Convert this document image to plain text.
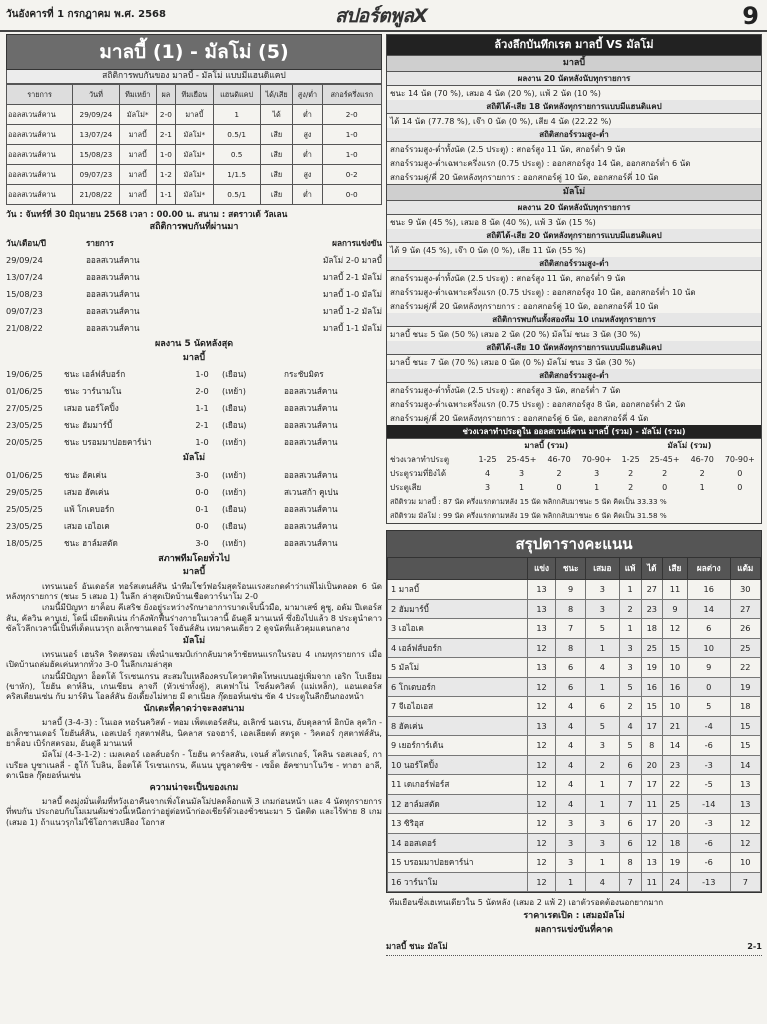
วันอังคารที่ 1 กรกฎาคม พ.ศ. 2568	สปอร์ตพูลX	9
มาลบี้ (1) - มัลโม่ (5)
สถิติการพบกันของ มาลบี้ - มัลโม่ แบบมีแฮนดิแคป
รายการ	วันที่	ทีมเหย้า	ผล	ทีมเยือน	แฮนดิแคป	ได้/เสีย	สูง/ต่ำ	สกอร์ครึ่งแรก
ออลสเวนส์คาน	29/09/24	มัลโม่*	2-0	มาลบี้	1	ได้	ต่ำ	2-0
ออลสเวนส์คาน	13/07/24	มาลบี้	2-1	มัลโม่*	0.5/1	เสีย	สูง	1-0
ออลสเวนส์คาน	15/08/23	มาลบี้	1-0	มัลโม่*	0.5	เสีย	ต่ำ	1-0
ออลสเวนส์คาน	09/07/23	มาลบี้	1-2	มัลโม่*	1/1.5	เสีย	สูง	0-2
ออลสเวนส์คาน	21/08/22	มาลบี้	1-1	มัลโม่*	0.5/1	เสีย	ต่ำ	0-0
วัน : จันทร์ที่ 30 มิถุนายน 2568 เวลา : 00.00 น. สนาม : สตราวเด้ วัลเลน
สถิติการพบกันที่ผ่านมา
วัน/เดือน/ปี	รายการ	ผลการแข่งขัน
29/09/24	ออลสเวนส์คาน	มัลโม่ 2-0 มาลบี้
13/07/24	ออลสเวนส์คาน	มาลบี้ 2-1 มัลโม่
15/08/23	ออลสเวนส์คาน	มาลบี้ 1-0 มัลโม่
09/07/23	ออลสเวนส์คาน	มาลบี้ 1-2 มัลโม่
21/08/22	ออลสเวนส์คาน	มาลบี้ 1-1 มัลโม่
ผลงาน 5 นัดหลังสุด
มาลบี้
19/06/25	ชนะ เอล์ฟส์บอร์ก	1-0	(เยือน)	กระชับมิตร
01/06/25	ชนะ วาร์นามโน	2-0	(เหย้า)	ออลสเวนส์คาน
27/05/25	เสมอ นอร์โคปิ้ง	1-1	(เยือน)	ออลสเวนส์คาน
23/05/25	ชนะ ฮัมมาร์บี้	2-1	(เยือน)	ออลสเวนส์คาน
20/05/25	ชนะ บรอมมาปอยคาร์น่า	1-0	(เหย้า)	ออลสเวนส์คาน
มัลโม่
01/06/25	ชนะ ฮัคเค่น	3-0	(เหย้า)	ออลสเวนส์คาน
29/05/25	เสมอ ฮัคเค่น	0-0	(เหย้า)	สเวนสก้า คูเปน
25/05/25	แพ้ โกเตบอร์ก	0-1	(เยือน)	ออลสเวนส์คาน
23/05/25	เสมอ เอไอเค	0-0	(เยือน)	ออลสเวนส์คาน
18/05/25	ชนะ ฮาล์มสตัด	3-0	(เหย้า)	ออลสเวนส์คาน
สภาพทีมโดยทั่วไป
มาลบี้

เทรนเนอร์ อันเดอร์ส ทอร์สเตนส์สัน นำทีมโชว์ฟอร์มสุดร้อนแรงสะกดคำว่าแพ้ไม่เป็นตลอด 6 นัดหลังทุกรายการ (ชนะ 5 เสมอ 1) ในลีก ล่าสุดเปิดบ้านเชือดวาร์นาโม 2-0

เกมนี้มีปัญหา ยาค็อบ คีเสริช ยังอยู่ระหว่างรักษาอาการบาดเจ็บนิ้วมือ, มามาเสซ์ คูซู, อดัม ปีเตอร์สสัน, คัลวิน คาบูเย่, โดนี่ เมียตติเน่น กำลังพักฟื้นร่างกายในเวลานี้ อันดูลี มานเนห์ ซึ่งยิงไปแล้ว 8 ประตูนำดาวซัลโวลีกเวลานี้เป็นที่เด็ดแนวรุก อเล็กซานเดอร์ โจฮันส์สัน เหมาคนเดียว 2 ดูจนัดที่แล้วคุมแดนกลาง

มัลโม่

เทรนเนอร์ เฮนริค ริดสตรอม เพิ่งนำแชมป์เก่ากลับมาคว้าชัยหนแรกในรอบ 4 เกมทุกรายการ เมื่อเปิดบ้านถล่มฮัคเค่นหากทั่วง 3-0 ในลีกเกมล่าสุด

เกมนี้มีปัญหา อ็อตโต้ โรเซนเกรน สะสมใบเหลืองครบโควตาติดโทษแบนอยู่เพิ่มจาก เอริก โบเธียม (ขาหัก), โยฮัน ดาห์ลิน, เกนเซียน ลาจกี (หัวเข่าทั้งคู่), สเตฟาโน่ โซล์มควิสต์ (แม่เหล็ก), แอนเดอร์ส คริสเตียนเซ่น กับ มาร์ติน โอลส์สัน ยังเดี้ยงไม่หาย มี ดาเนียล กุ๊ดยอห์นเซ่น ซัด 4 ประตูในลีกยืนกองหน้า

นักเตะที่คาดว่าจะลงสนาม

มาลบี้ (3-4-3) : โนเอล ทอร์นควิสต์ - ทอม เพ็ตเตอร์สสัน, อเลิกซ์ นอเรน, อับดุลลาห์ อิกบัล ลุควิก - อเล็กซานเดอร์ โยฮันส์สัน, เอสเปอร์ กุสตาฟสัน, นิคลาส รอจฮาร์, เอลเลียตต์ สตรูด - วิคตอร์ กุสตาฟส์สัน, ยาค็อบ เบิร์กสตรอม, อันดูลี มานเนห์

มัลโม่ (4-3-1-2) : เมลเคอร์ เอลส์บอร์ก - โยฮัน คาร์ลสสัน, เจนส์ สไตรเกอร์, โคลิน รอสเลอร์, กาเบรียล บูซาเนลลี่ - ฮูโก้ โบลิน, อ็อตโต้ โรเซนเกรน, คีแนน บูซูลาดซิช - เซอ็ด ฮัคซาบาโนวิช - ทาฮา อาลี, ดาเนียล กุ๊ดยอห์นเซ่น

ความน่าจะเป็นของเกม

มาลบี้ คงมุ่งมั่นเต็มที่หวังเอาคืนจากเพิ่งโดนมัลโม่ปลดล็อกแพ้ 3 เกมก่อนหน้า และ 4 นัดทุกรายการที่พบกัน ประกอบกับโมเมนตัมช่วงนี้เหนือกว่าอยู่ต่อหน้าก่องเชียร์ตัวเองชั่วชนะมา 5 นัดติด และไร้พ่าย 8 เกม (เสมอ 1) ถ้าแนวรุกไม่ใช้โอกาสเปลือง โอกาส

ล้วงลึกบันทึกเรต มาลบี้ VS มัลโม่
มาลบี้
ผลงาน 20 นัดหลังนับทุกรายการ
ชนะ 14 นัด (70 %), เสมอ 4 นัด (20 %), แพ้ 2 นัด (10 %)
สถิติได้-เสีย 18 นัดหลังทุกรายการแบบมีแฮนดิแคป
ได้ 14 นัด (77.78 %), เจ๊า 0 นัด (0 %), เสีย 4 นัด (22.22 %)
สถิติสกอร์รวมสูง-ต่ำ
สกอร์รวมสูง-ต่ำทั้งนัด (2.5 ประตู) : สกอร์สูง 11 นัด, สกอร์ต่ำ 9 นัด
สกอร์รวมสูง-ต่ำเฉพาะครึ่งแรก (0.75 ประตู) : ออกสกอร์สูง 14 นัด, ออกสกอร์ต่ำ 6 นัด
สกอร์รวมคู่/คี่ 20 นัดหลังทุกรายการ : ออกสกอร์คู่ 10 นัด, ออกสกอร์คี่ 10 นัด
มัลโม่
ผลงาน 20 นัดหลังนับทุกรายการ
ชนะ 9 นัด (45 %), เสมอ 8 นัด (40 %), แพ้ 3 นัด (15 %)
สถิติได้-เสีย 20 นัดหลังทุกรายการแบบมีแฮนดิแคป
ได้ 9 นัด (45 %), เจ๊า 0 นัด (0 %), เสีย 11 นัด (55 %)
สถิติสกอร์รวมสูง-ต่ำ
สกอร์รวมสูง-ต่ำทั้งนัด (2.5 ประตู) : สกอร์สูง 11 นัด, สกอร์ต่ำ 9 นัด
สกอร์รวมสูง-ต่ำเฉพาะครึ่งแรก (0.75 ประตู) : ออกสกอร์สูง 10 นัด, ออกสกอร์ต่ำ 10 นัด
สกอร์รวมคู่/คี่ 20 นัดหลังทุกรายการ : ออกสกอร์คู่ 10 นัด, ออกสกอร์คี่ 10 นัด
สถิติการพบกันทั้งสองทีม 10 เกมหลังทุกรายการ
มาลบี้ ชนะ 5 นัด (50 %) เสมอ 2 นัด (20 %) มัลโม่ ชนะ 3 นัด (30 %)
สถิติได้-เสีย 10 นัดหลังทุกรายการแบบมีแฮนดิแคป
มาลบี้ ชนะ 7 นัด (70 %) เสมอ 0 นัด (0 %) มัลโม่ ชนะ 3 นัด (30 %)
สถิติสกอร์รวมสูง-ต่ำ
สกอร์รวมสูง-ต่ำทั้งนัด (2.5 ประตู) : สกอร์สูง 3 นัด, สกอร์ต่ำ 7 นัด
สกอร์รวมสูง-ต่ำเฉพาะครึ่งแรก (0.75 ประตู) : ออกสกอร์สูง 8 นัด, ออกสกอร์ต่ำ 2 นัด
สกอร์รวมคู่/คี่ 20 นัดหลังทุกรายการ : ออกสกอร์คู่ 6 นัด, ออกสกอร์คี่ 4 นัด
ช่วงเวลาทำประตูใน ออลสเวนส์คาน มาลบี้ (รวม) - มัลโม่ (รวม)
	มาลบี้ (รวม)				มัลโม่ (รวม)			
ช่วงเวลาทำประตู	1-25	25-45+	46-70	70-90+	1-25	25-45+	46-70	70-90+
ประตูรวมที่ยิงได้	4	3	2	3	2	2	2	0
ประตูเสีย	3	1	0	1	2	0	1	0
สถิติรวม มาลบี้ : 87 นัด ครึ่งแรกตามหลัง 15 นัด พลิกกลับมาชนะ 5 นัด คิดเป็น 33.33 %
สถิติรวม มัลโม่ : 99 นัด ครึ่งแรกตามหลัง 19 นัด พลิกกลับมาชนะ 6 นัด คิดเป็น 31.58 %
สรุปตารางคะแนน
	แข่ง	ชนะ	เสมอ	แพ้	ได้	เสีย	ผลต่าง	แต้ม
1 มาลบี้	13	9	3	1	27	11	16	30
2 ฮัมมาร์บี้	13	8	3	2	23	9	14	27
3 เอไอเค	13	7	5	1	18	12	6	26
4 เอล์ฟส์บอร์ก	12	8	1	3	25	15	10	25
5 มัลโม่	13	6	4	3	19	10	9	22
6 โกเตบอร์ก	12	6	1	5	16	16	0	19
7 จีเอไอเอส	12	4	6	2	15	10	5	18
8 ฮัคเค่น	13	4	5	4	17	21	-4	15
9 เยอร์การ์เด้น	12	4	3	5	8	14	-6	15
10 นอร์โคปิ้ง	12	4	2	6	20	23	-3	14
11 เดเกอร์ฟอร์ส	12	4	1	7	17	22	-5	13
12 ฮาล์มสตัด	12	4	1	7	11	25	-14	13
13 ซิริอุส	12	3	3	6	17	20	-3	12
14 ออสเตอร์	12	3	3	6	12	18	-6	12
15 บรอมมาปอยคาร์น่า	12	3	1	8	13	19	-6	10
16 วาร์นาโม	12	1	4	7	11	24	-13	7
ทีมเยือนซึ่งเฮเทนเดียวใน 5 นัดหลัง (เสมอ 2 แพ้ 2) เอาตัวรอดต้องนอกยากมาก
ราคาเรตเปิด : เสมอมัลโม่
ผลการแข่งขันที่คาด
มาลบี้ ชนะ มัลโม่	2-1
